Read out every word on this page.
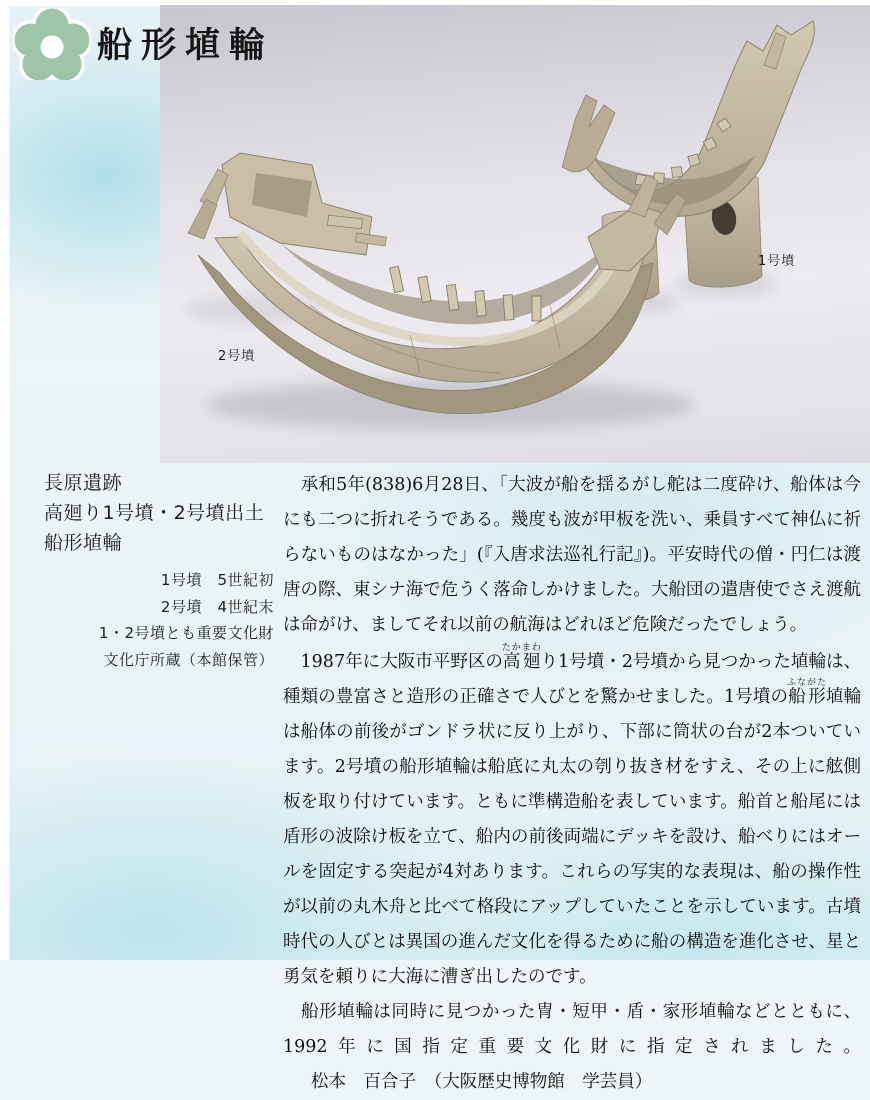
船形埴輪
1号墳
2号墳
長原遺跡
高廻り1号墳・2号墳出土
船形埴輪
1号墳　5世紀初
2号墳　4世紀末
1・2号墳とも重要文化財
文化庁所蔵（本館保管）

　承和5年(838)6月28日、「大波が船を揺るがし舵は二度砕け、船体は今にも二つに折れそうである。幾度も波が甲板を洗い、乗員すべて神仏に祈らないものはなかった」(『入唐求法巡礼行記』)。平安時代の僧・円仁は渡唐の際、東シナ海で危うく落命しかけました。大船団の遣唐使でさえ渡航は命がけ、ましてそれ以前の航海はどれほど危険だったでしょう。

　1987年に大阪市平野区の高廻たかまわり1号墳・2号墳から見つかった埴輪は、種類の豊富さと造形の正確さで人びとを驚かせました。1号墳の船形ふながた埴輪は船体の前後がゴンドラ状に反り上がり、下部に筒状の台が2本ついています。2号墳の船形埴輪は船底に丸太の刳り抜き材をすえ、その上に舷側板を取り付けています。ともに準構造船を表しています。船首と船尾には盾形の波除け板を立て、船内の前後両端にデッキを設け、船べりにはオールを固定する突起が4対あります。これらの写実的な表現は、船の操作性が以前の丸木舟と比べて格段にアップしていたことを示しています。古墳時代の人びとは異国の進んだ文化を得るために船の構造を進化させ、星と勇気を頼りに大海に漕ぎ出したのです。

　船形埴輪は同時に見つかった冑・短甲・盾・家形埴輪などとともに、1992年に国指定重要文化財に指定されました。松本　百合子　（大阪歴史博物館　学芸員）
